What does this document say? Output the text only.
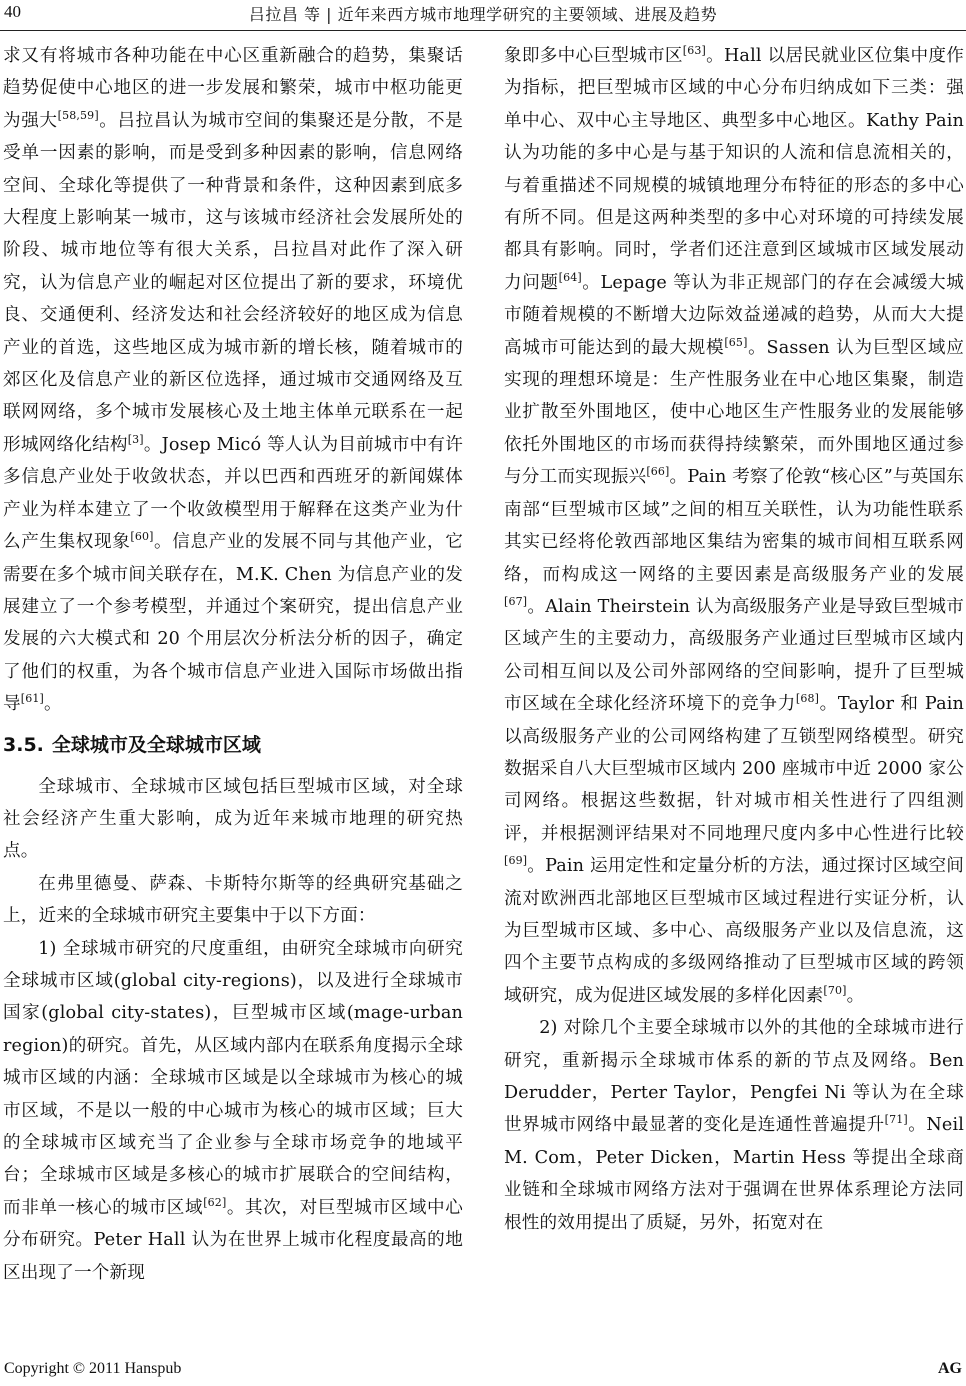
40	吕拉昌 等 | 近年来西方城市地理学研究的主要领域、进展及趋势

求又有将城市各种功能在中心区重新融合的趋势，集聚话趋势促使中心地区的进一步发展和繁荣，城市中枢功能更为强大[58,59]。吕拉昌认为城市空间的集聚还是分散，不是受单一因素的影响，而是受到多种因素的影响，信息网络空间、全球化等提供了一种背景和条件，这种因素到底多大程度上影响某一城市，这与该城市经济社会发展所处的阶段、城市地位等有很大关系，吕拉昌对此作了深入研究，认为信息产业的崛起对区位提出了新的要求，环境优良、交通便利、经济发达和社会经济较好的地区成为信息产业的首选，这些地区成为城市新的增长核，随着城市的郊区化及信息产业的新区位选择，通过城市交通网络及互联网网络，多个城市发展核心及土地主体单元联系在一起形城网络化结构[3]。Josep Micó 等人认为目前城市中有许多信息产业处于收敛状态，并以巴西和西班牙的新闻媒体产业为样本建立了一个收敛模型用于解释在这类产业为什么产生集权现象[60]。信息产业的发展不同与其他产业，它需要在多个城市间关联存在，M.K. Chen 为信息产业的发展建立了一个参考模型，并通过个案研究，提出信息产业发展的六大模式和 20 个用层次分析法分析的因子，确定了他们的权重，为各个城市信息产业进入国际市场做出指导[61]。

3.5. 全球城市及全球城市区域

全球城市、全球城市区域包括巨型城市区域，对全球社会经济产生重大影响，成为近年来城市地理的研究热点。

在弗里德曼、萨森、卡斯特尔斯等的经典研究基础之上，近来的全球城市研究主要集中于以下方面：

1) 全球城市研究的尺度重组，由研究全球城市向研究全球城市区域(global city-regions)，以及进行全球城市国家(global city-states)，巨型城市区域(mage-urban region)的研究。首先，从区域内部内在联系角度揭示全球城市区域的内涵：全球城市区域是以全球城市为核心的城市区域，不是以一般的中心城市为核心的城市区域；巨大的全球城市区域充当了企业参与全球市场竞争的地域平台；全球城市区域是多核心的城市扩展联合的空间结构，而非单一核心的城市区域[62]。其次，对巨型城市区域中心分布研究。Peter Hall 认为在世界上城市化程度最高的地区出现了一个新现

象即多中心巨型城市区[63]。Hall 以居民就业区位集中度作为指标，把巨型城市区域的中心分布归纳成如下三类：强单中心、双中心主导地区、典型多中心地区。Kathy Pain 认为功能的多中心是与基于知识的人流和信息流相关的，与着重描述不同规模的城镇地理分布特征的形态的多中心有所不同。但是这两种类型的多中心对环境的可持续发展都具有影响。同时，学者们还注意到区域城市区域发展动力问题[64]。Lepage 等认为非正规部门的存在会减缓大城市随着规模的不断增大边际效益递减的趋势，从而大大提高城市可能达到的最大规模[65]。Sassen 认为巨型区域应实现的理想环境是：生产性服务业在中心地区集聚，制造业扩散至外围地区，使中心地区生产性服务业的发展能够依托外围地区的市场而获得持续繁荣，而外围地区通过参与分工而实现振兴[66]。Pain 考察了伦敦“核心区”与英国东南部“巨型城市区域”之间的相互关联性，认为功能性联系其实已经将伦敦西部地区集结为密集的城市间相互联系网络，而构成这一网络的主要因素是高级服务产业的发展[67]。Alain Theirstein 认为高级服务产业是导致巨型城市区域产生的主要动力，高级服务产业通过巨型城市区域内公司相互间以及公司外部网络的空间影响，提升了巨型城市区域在全球化经济环境下的竞争力[68]。Taylor 和 Pain 以高级服务产业的公司网络构建了互锁型网络模型。研究数据采自八大巨型城市区域内 200 座城市中近 2000 家公司网络。根据这些数据，针对城市相关性进行了四组测评，并根据测评结果对不同地理尺度内多中心性进行比较[69]。Pain 运用定性和定量分析的方法，通过探讨区域空间流对欧洲西北部地区巨型城市区域过程进行实证分析，认为巨型城市区域、多中心、高级服务产业以及信息流，这四个主要节点构成的多级网络推动了巨型城市区域的跨领域研究，成为促进区域发展的多样化因素[70]。

2) 对除几个主要全球城市以外的其他的全球城市进行研究，重新揭示全球城市体系的新的节点及网络。Ben Derudder，Perter Taylor，Pengfei Ni 等认为在全球世界城市网络中最显著的变化是连通性普遍提升[71]。Neil M. Com，Peter Dicken，Martin Hess 等提出全球商业链和全球城市网络方法对于强调在世界体系理论方法同根性的效用提出了质疑，另外，拓宽对在

Copyright © 2011 Hanspub	AG
